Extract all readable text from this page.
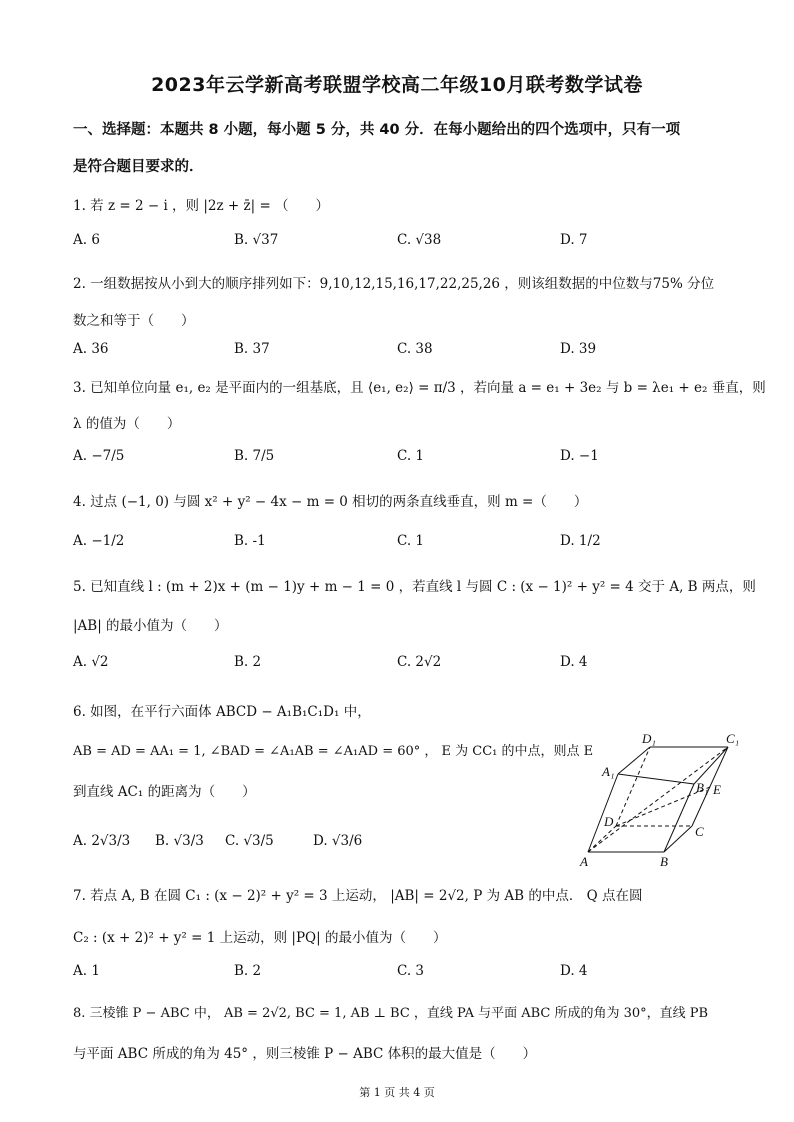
2023年云学新高考联盟学校高二年级10月联考数学试卷
一、选择题：本题共 8 小题，每小题 5 分，共 40 分．在每小题给出的四个选项中，只有一项
是符合题目要求的．
1. 若 z = 2 − i ，则 |2z + z̄| = （　　）
A. 6	B. √37	C. √38	D. 7
2. 一组数据按从小到大的顺序排列如下：9,10,12,15,16,17,22,25,26 ，则该组数据的中位数与75% 分位
数之和等于（　　）
A. 36	B. 37	C. 38	D. 39
3. 已知单位向量 e₁, e₂ 是平面内的一组基底，且 ⟨e₁, e₂⟩ = π/3 ，若向量 a = e₁ + 3e₂ 与 b = λe₁ + e₂ 垂直，则
λ 的值为（　　）
A. −7/5	B. 7/5	C. 1	D. −1
4. 过点 (−1, 0) 与圆 x² + y² − 4x − m = 0 相切的两条直线垂直，则 m =（　　）
A. −1/2	B. -1	C. 1	D. 1/2
5. 已知直线 l : (m + 2)x + (m − 1)y + m − 1 = 0 ，若直线 l 与圆 C : (x − 1)² + y² = 4 交于 A, B 两点，则
|AB| 的最小值为（　　）
A. √2	B. 2	C. 2√2	D. 4
6. 如图，在平行六面体 ABCD − A₁B₁C₁D₁ 中，
AB = AD = AA₁ = 1, ∠BAD = ∠A₁AB = ∠A₁AD = 60° ， E 为 CC₁ 的中点，则点 E
到直线 AC₁ 的距离为（　　）
A. 2√3/3 B. √3/3 C. √3/5	D. √3/6
D₁	C₁
A₁
B₁ E
D
C
A	B
7. 若点 A, B 在圆 C₁ : (x − 2)² + y² = 3 上运动， |AB| = 2√2, P 为 AB 的中点． Q 点在圆
C₂ : (x + 2)² + y² = 1 上运动，则 |PQ| 的最小值为（　　）
A. 1	B. 2	C. 3	D. 4
8. 三棱锥 P − ABC 中， AB = 2√2, BC = 1, AB ⊥ BC ，直线 PA 与平面 ABC 所成的角为 30°，直线 PB
与平面 ABC 所成的角为 45° ，则三棱锥 P − ABC 体积的最大值是（　　）
第 1 页 共 4 页
